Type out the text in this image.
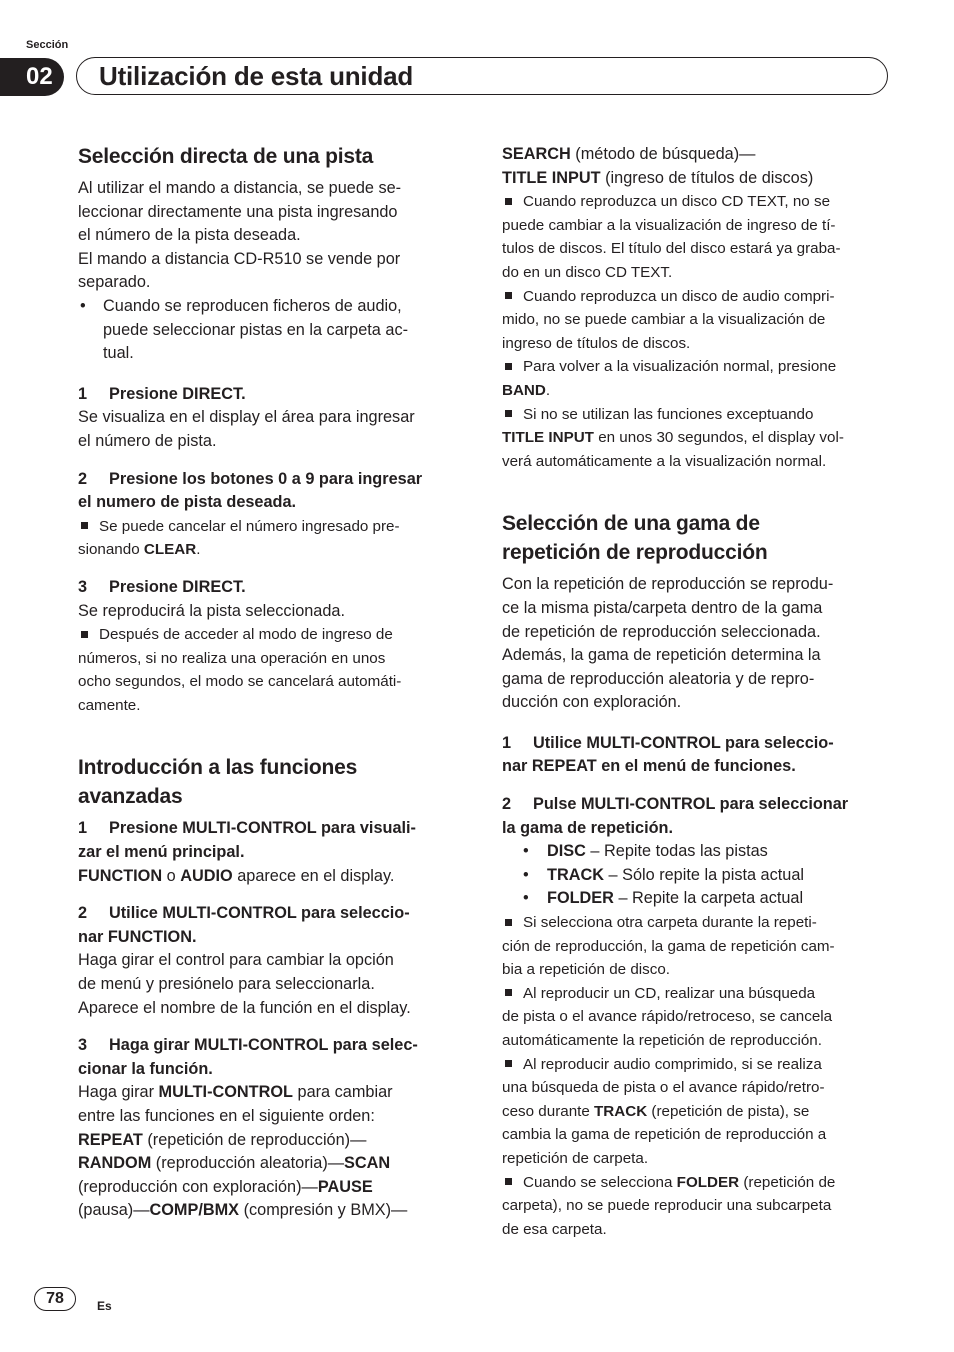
Sección
02	Utilización de esta unidad
Selección directa de una pista

Al utilizar el mando a distancia, se puede se-

leccionar directamente una pista ingresando

el número de la pista deseada.

El mando a distancia CD-R510 se vende por

separado.

• Cuando se reproducen ficheros de audio,

puede seleccionar pistas en la carpeta ac-

tual.

1 Presione DIRECT.

Se visualiza en el display el área para ingresar

el número de pista.

2 Presione los botones 0 a 9 para ingresar

el numero de pista deseada.

Se puede cancelar el número ingresado pre-

sionando CLEAR.

3 Presione DIRECT.

Se reproducirá la pista seleccionada.

Después de acceder al modo de ingreso de

números, si no realiza una operación en unos

ocho segundos, el modo se cancelará automáti-

camente.

Introducción a las funciones
avanzadas

1 Presione MULTI-CONTROL para visuali-

zar el menú principal.

FUNCTION o AUDIO aparece en el display.

2 Utilice MULTI-CONTROL para seleccio-

nar FUNCTION.

Haga girar el control para cambiar la opción

de menú y presiónelo para seleccionarla.

Aparece el nombre de la función en el display.

3 Haga girar MULTI-CONTROL para selec-

cionar la función.

Haga girar MULTI-CONTROL para cambiar

entre las funciones en el siguiente orden:

REPEAT (repetición de reproducción)—

RANDOM (reproducción aleatoria)—SCAN

(reproducción con exploración)—PAUSE

(pausa)—COMP/BMX (compresión y BMX)—

SEARCH (método de búsqueda)—

TITLE INPUT (ingreso de títulos de discos)

Cuando reproduzca un disco CD TEXT, no se

puede cambiar a la visualización de ingreso de tí-

tulos de discos. El título del disco estará ya graba-

do en un disco CD TEXT.

Cuando reproduzca un disco de audio compri-

mido, no se puede cambiar a la visualización de

ingreso de títulos de discos.

Para volver a la visualización normal, presione

BAND.

Si no se utilizan las funciones exceptuando

TITLE INPUT en unos 30 segundos, el display vol-

verá automáticamente a la visualización normal.

Selección de una gama de
repetición de reproducción

Con la repetición de reproducción se reprodu-

ce la misma pista/carpeta dentro de la gama

de repetición de reproducción seleccionada.

Además, la gama de repetición determina la

gama de reproducción aleatoria y de repro-

ducción con exploración.

1 Utilice MULTI-CONTROL para seleccio-

nar REPEAT en el menú de funciones.

2 Pulse MULTI-CONTROL para seleccionar

la gama de repetición.

• DISC – Repite todas las pistas

• TRACK – Sólo repite la pista actual

• FOLDER – Repite la carpeta actual

Si selecciona otra carpeta durante la repeti-

ción de reproducción, la gama de repetición cam-

bia a repetición de disco.

Al reproducir un CD, realizar una búsqueda

de pista o el avance rápido/retroceso, se cancela

automáticamente la repetición de reproducción.

Al reproducir audio comprimido, si se realiza

una búsqueda de pista o el avance rápido/retro-

ceso durante TRACK (repetición de pista), se

cambia la gama de repetición de reproducción a

repetición de carpeta.

Cuando se selecciona FOLDER (repetición de

carpeta), no se puede reproducir una subcarpeta

de esa carpeta.

78	Es
